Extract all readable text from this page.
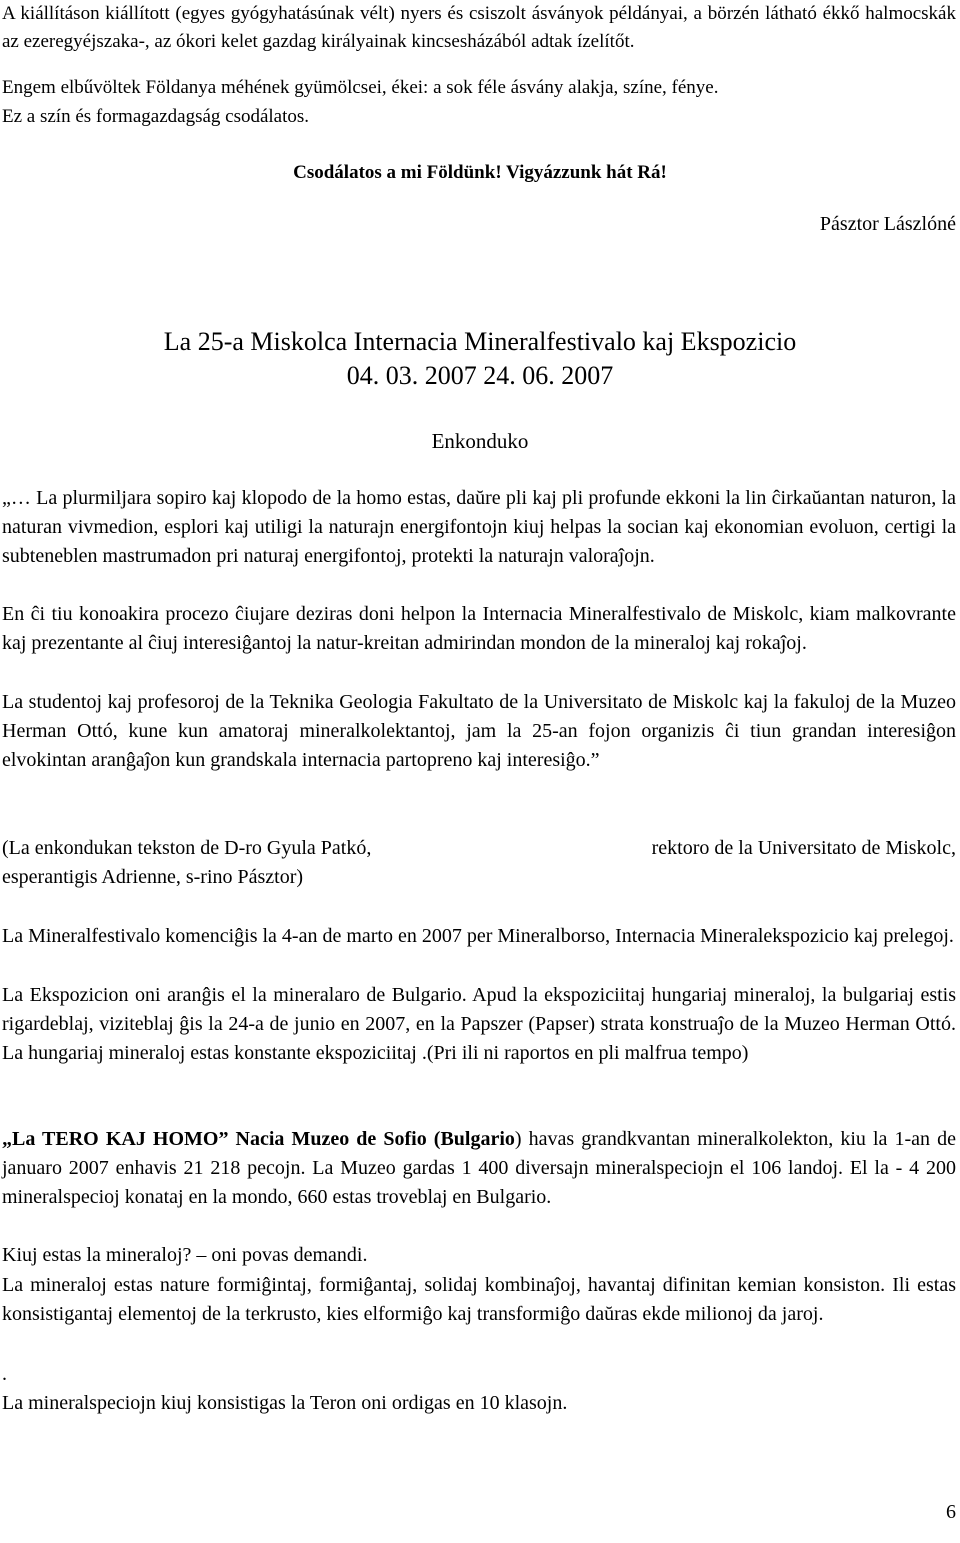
A kiállításon kiállított (egyes gyógyhatásúnak vélt) nyers és csiszolt ásványok példányai, a börzén látható ékkő halmocskák az ezeregyéjszaka-, az ókori kelet gazdag királyainak kincsesházából adtak ízelítőt.

Engem elbűvöltek Földanya méhének gyümölcsei, ékei: a sok féle ásvány alakja, színe, fénye.

Ez a szín és formagazdagság csodálatos.

Csodálatos a mi Földünk! Vigyázzunk hát Rá!
Pásztor Lászlóné
La 25-a Miskolca Internacia Mineralfestivalo kaj Ekspozicio
04. 03. 2007 24. 06. 2007
Enkonduko

„… La plurmiljara sopiro kaj klopodo de la homo estas, daŭre pli kaj pli profunde ekkoni la lin ĉirkaŭantan naturon, la naturan vivmedion, esplori kaj utiligi la naturajn energifontojn kiuj helpas la socian kaj ekonomian evoluon, certigi la subteneblen mastrumadon pri naturaj energifontoj, protekti la naturajn valoraĵojn.

En ĉi tiu konoakira procezo ĉiujare deziras doni helpon la Internacia Mineralfestivalo de Miskolc, kiam malkovrante kaj prezentante al ĉiuj interesiĝantoj la natur-kreitan admirindan mondon de la mineraloj kaj rokaĵoj.

La studentoj kaj profesoroj de la Teknika Geologia Fakultato de la Universitato de Miskolc kaj la fakuloj de la Muzeo Herman Ottó, kune kun amatoraj mineralkolektantoj, jam la 25-an fojon organizis ĉi tiun grandan interesiĝon elvokintan aranĝaĵon kun grandskala internacia partopreno kaj interesiĝo.”

(La enkondukan tekston de D-ro Gyula Patkó,	rektoro de la Universitato de Miskolc,

esperantigis Adrienne, s-rino Pásztor)

La Mineralfestivalo komenciĝis la 4-an de marto en 2007 per Mineralborso, Internacia Mineralekspozicio kaj prelegoj.

La Ekspozicion oni aranĝis el la mineralaro de Bulgario. Apud la ekspoziciitaj hungariaj mineraloj, la bulgariaj estis rigardeblaj, viziteblaj ĝis la 24-a de junio en 2007, en la Papszer (Papser) strata konstruaĵo de la Muzeo Herman Ottó. La hungariaj mineraloj estas konstante ekspoziciitaj .(Pri ili ni raportos en pli malfrua tempo)

„La TERO KAJ HOMO” Nacia Muzeo de Sofio (Bulgario) havas grandkvantan mineralkolekton, kiu la 1-an de januaro 2007 enhavis 21 218 pecojn. La Muzeo gardas 1 400 diversajn mineralspeciojn el 106 landoj. El la - 4 200 mineralspecioj konataj en la mondo, 660 estas troveblaj en Bulgario.

Kiuj estas la mineraloj? – oni povas demandi.

La mineraloj estas nature formiĝintaj, formiĝantaj, solidaj kombinaĵoj, havantaj difinitan kemian konsiston. Ili estas konsistigantaj elementoj de la terkrusto, kies elformiĝo kaj transformiĝo daŭras ekde milionoj da jaroj.

.

La mineralspeciojn kiuj konsistigas la Teron oni ordigas en 10 klasojn.

6
